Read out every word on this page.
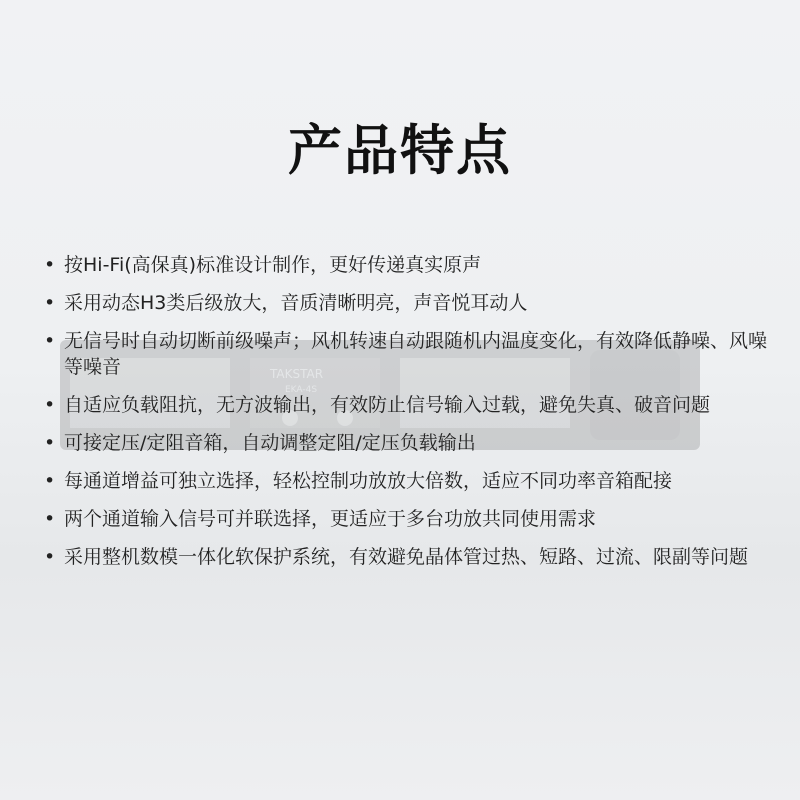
TAKSTAR
EKA-4S
产品特点
• 按Hi-Fi(高保真)标准设计制作，更好传递真实原声
• 采用动态H3类后级放大，音质清晰明亮，声音悦耳动人
• 无信号时自动切断前级噪声；风机转速自动跟随机内温度变化，有效降低静噪、风噪等噪音
• 自适应负载阻抗，无方波输出，有效防止信号输入过载，避免失真、破音问题
• 可接定压/定阻音箱，自动调整定阻/定压负载输出
• 每通道增益可独立选择，轻松控制功放放大倍数，适应不同功率音箱配接
• 两个通道输入信号可并联选择，更适应于多台功放共同使用需求
• 采用整机数模一体化软保护系统，有效避免晶体管过热、短路、过流、限副等问题
